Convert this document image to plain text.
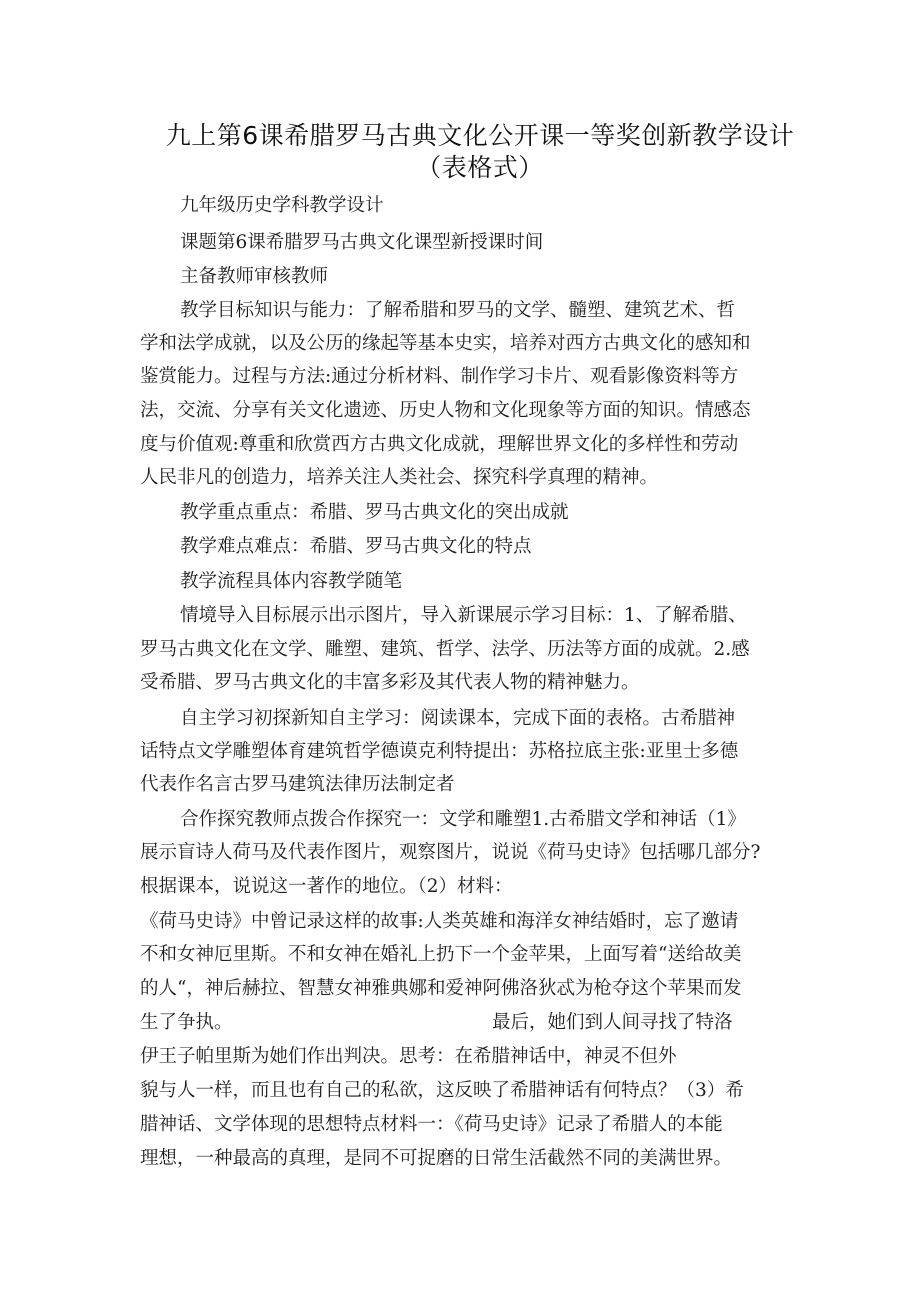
九上第6课希腊罗马古典文化公开课一等奖创新教学设计
（表格式）
九年级历史学科教学设计
课题第6课希腊罗马古典文化课型新授课时间
主备教师审核教师
教学目标知识与能力：了解希腊和罗马的文学、髓塑、建筑艺术、哲
学和法学成就，以及公历的缘起等基本史实，培养对西方古典文化的感知和
鉴赏能力。过程与方法:通过分析材料、制作学习卡片、观看影像资料等方
法，交流、分享有关文化遗迹、历史人物和文化现象等方面的知识。情感态
度与价值观:尊重和欣赏西方古典文化成就，理解世界文化的多样性和劳动
人民非凡的创造力，培养关注人类社会、探究科学真理的精神。
教学重点重点：希腊、罗马古典文化的突出成就
教学难点难点：希腊、罗马古典文化的特点
教学流程具体内容教学随笔
情境导入目标展示出示图片，导入新课展示学习目标：1、了解希腊、
罗马古典文化在文学、雕塑、建筑、哲学、法学、历法等方面的成就。2.感
受希腊、罗马古典文化的丰富多彩及其代表人物的精神魅力。
自主学习初探新知自主学习：阅读课本，完成下面的表格。古希腊神
话特点文学雕塑体育建筑哲学德谟克利特提出：苏格拉底主张:亚里士多德
代表作名言古罗马建筑法律历法制定者
合作探究教师点拨合作探究一：文学和雕塑1.古希腊文学和神话（1》
展示盲诗人荷马及代表作图片，观察图片，说说《荷马史诗》包括哪几部分?
根据课本，说说这一著作的地位。（2）材料：
《荷马史诗》中曾记录这样的故事:人类英雄和海洋女神结婚时，忘了邀请
不和女神厄里斯。不和女神在婚礼上扔下一个金苹果，上面写着“送给故美
的人“，神后赫拉、智慧女神雅典娜和爱神阿佛洛狄忒为枪夺这个苹果而发
生了争执。	最后，她们到人间寻找了特洛
伊王子帕里斯为她们作出判决。思考：在希腊神话中，神灵不但外
貌与人一样，而且也有自己的私欲，这反映了希腊神话有何特点？（3）希
腊神话、文学体现的思想特点材料一：《荷马史诗》记录了希腊人的本能
理想，一种最高的真理，是同不可捉磨的日常生活截然不同的美满世界。
